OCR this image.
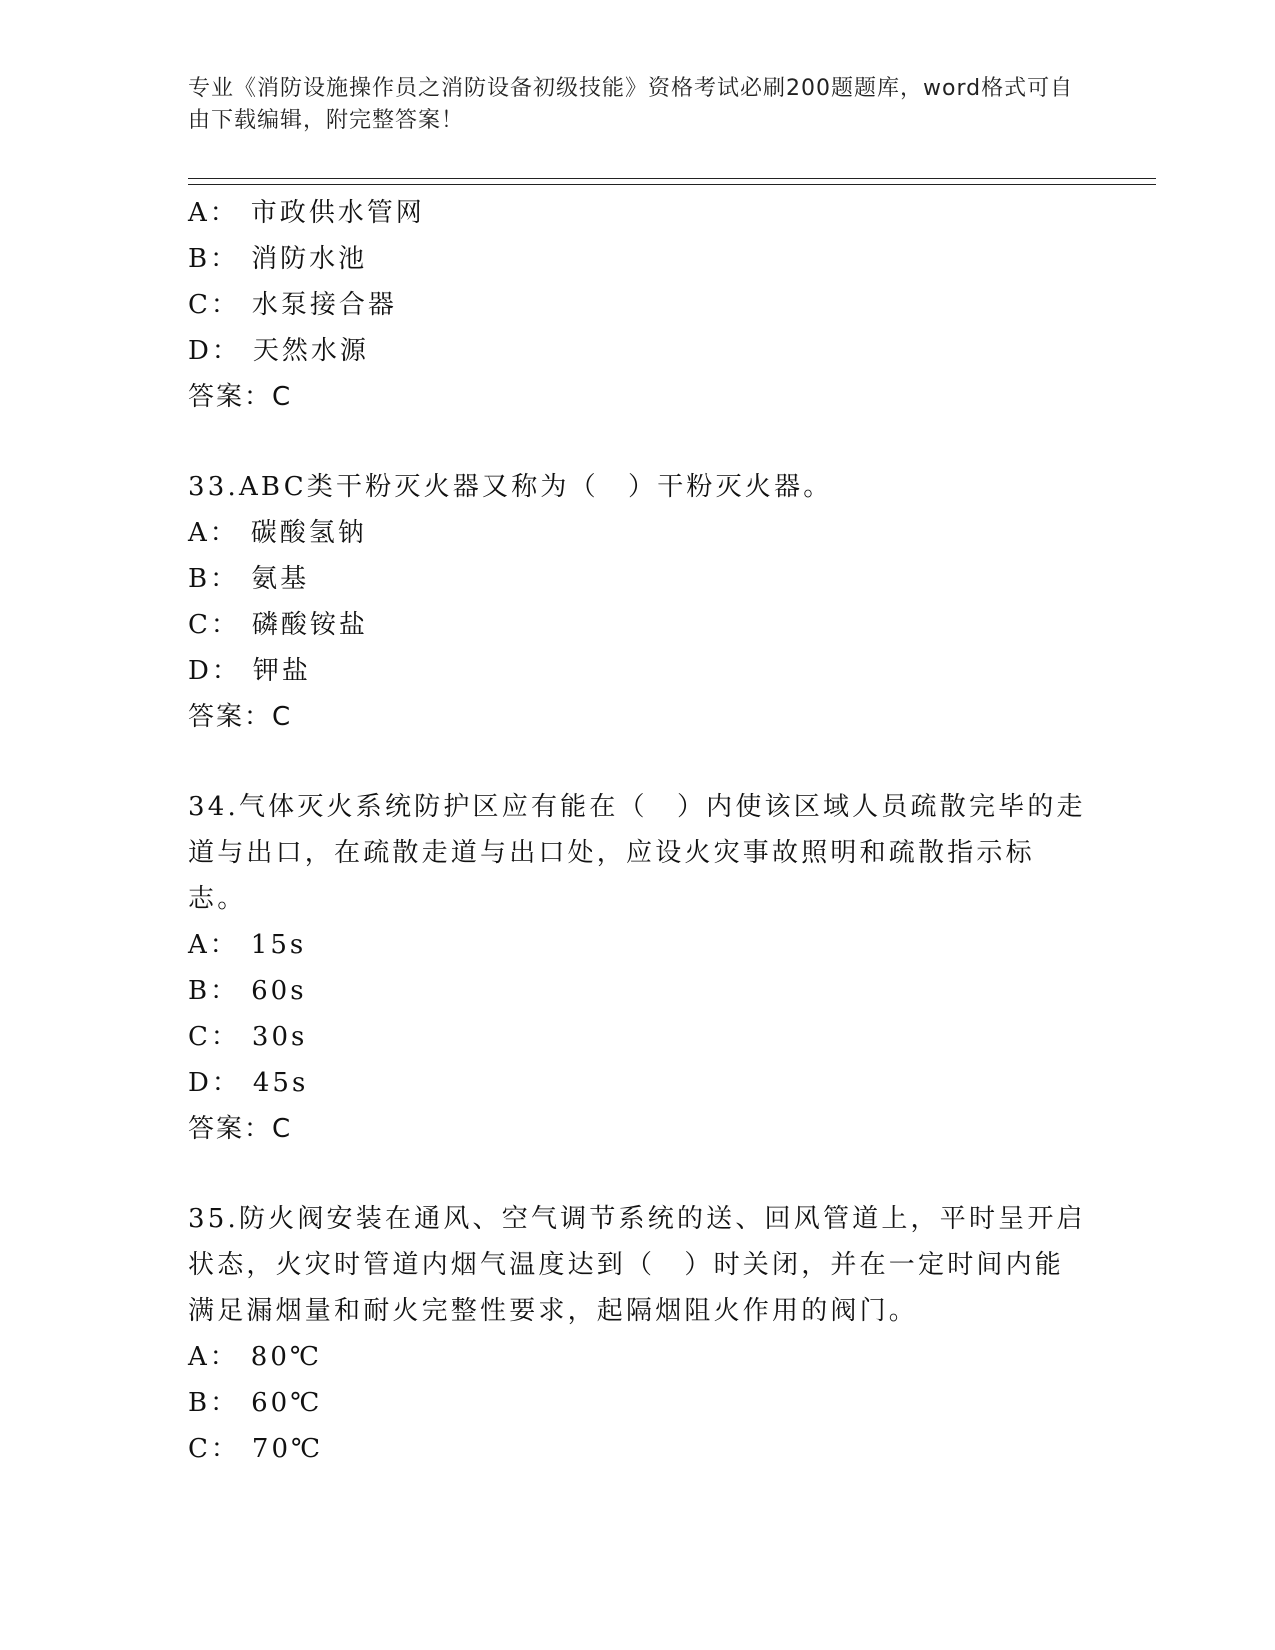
专业《消防设施操作员之消防设备初级技能》资格考试必刷200题题库，word格式可自由下载编辑，附完整答案！
A： 市政供水管网
B： 消防水池
C： 水泵接合器
D： 天然水源
答案：C
33.ABC类干粉灭火器又称为（　）干粉灭火器。
A： 碳酸氢钠
B： 氨基
C： 磷酸铵盐
D： 钾盐
答案：C
34.气体灭火系统防护区应有能在（　）内使该区域人员疏散完毕的走道与出口，在疏散走道与出口处，应设火灾事故照明和疏散指示标志。
A： 15s
B： 60s
C： 30s
D： 45s
答案：C
35.防火阀安装在通风、空气调节系统的送、回风管道上，平时呈开启状态，火灾时管道内烟气温度达到（　）时关闭，并在一定时间内能满足漏烟量和耐火完整性要求，起隔烟阻火作用的阀门。
A： 80℃
B： 60℃
C： 70℃
